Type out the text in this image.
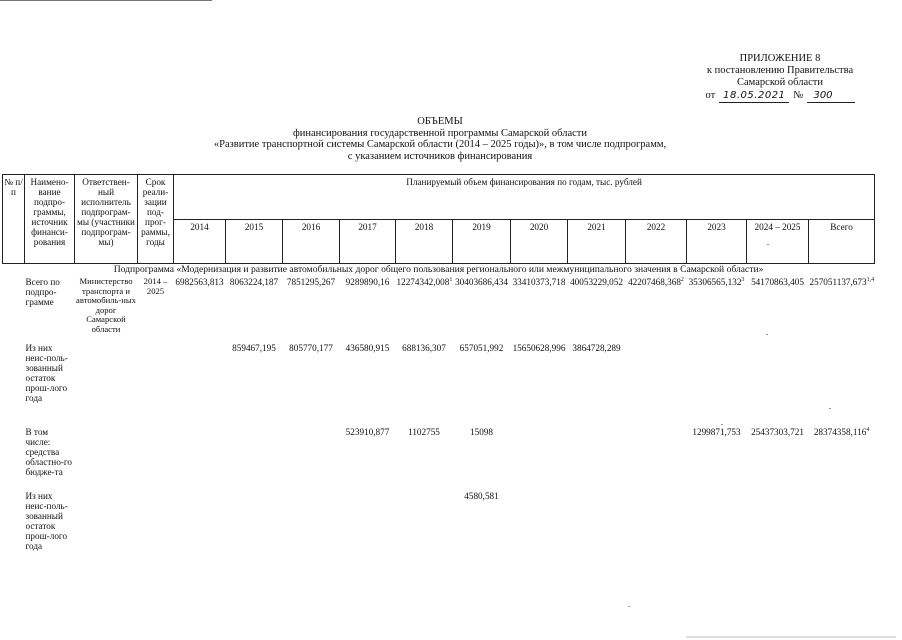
ПРИЛОЖЕНИЕ 8
к постановлению Правительства
Самарской области
от 18.05.2021 №	300
ОБЪЕМЫ
финансирования государственной программы Самарской области
«Развитие транспортной системы Самарской области (2014 – 2025 годы)», в том числе подпрограмм,
с указанием источников финансирования
№ п/п	Наимено-вание подпро-граммы, источник финанси-рования	Ответствен-ный исполнитель подпрограм-мы (участники подпрограм-мы)	Срок реали-зации под-прог-раммы, годы	Планируемый объем финансирования по годам, тыс. рублей											
				2014	2015	2016	2017	2018	2019	2020	2021	2022	2023	2024 – 2025	Всего
Подпрограмма «Модернизация и развитие автомобильных дорог общего пользования регионального или межмуниципального значения в Самарской области»															
	Всего по подпро-грамме	Министерство транспорта и автомобиль-ных дорог Самарской области	2014 – 2025	6982563,813	8063224,187	7851295,267	9289890,16	12274342,008$^1$	30403686,434	33410373,718	40053229,052	42207468,368$^2$	35306565,132$^3$	54170863,405	257051137,673$^{1,4}$
	Из них неис-поль-зованный остаток прош-лого года				859467,195	805770,177	436580,915	688136,307	657051,992	15650628,996	3864728,289				
	В том числе: средства областно-го бюдже-та						523910,877	1102755	15098				1299871,753	25437303,721	28374358,116$^4$
	Из них неис-поль-зованный остаток прош-лого года								4580,581						
